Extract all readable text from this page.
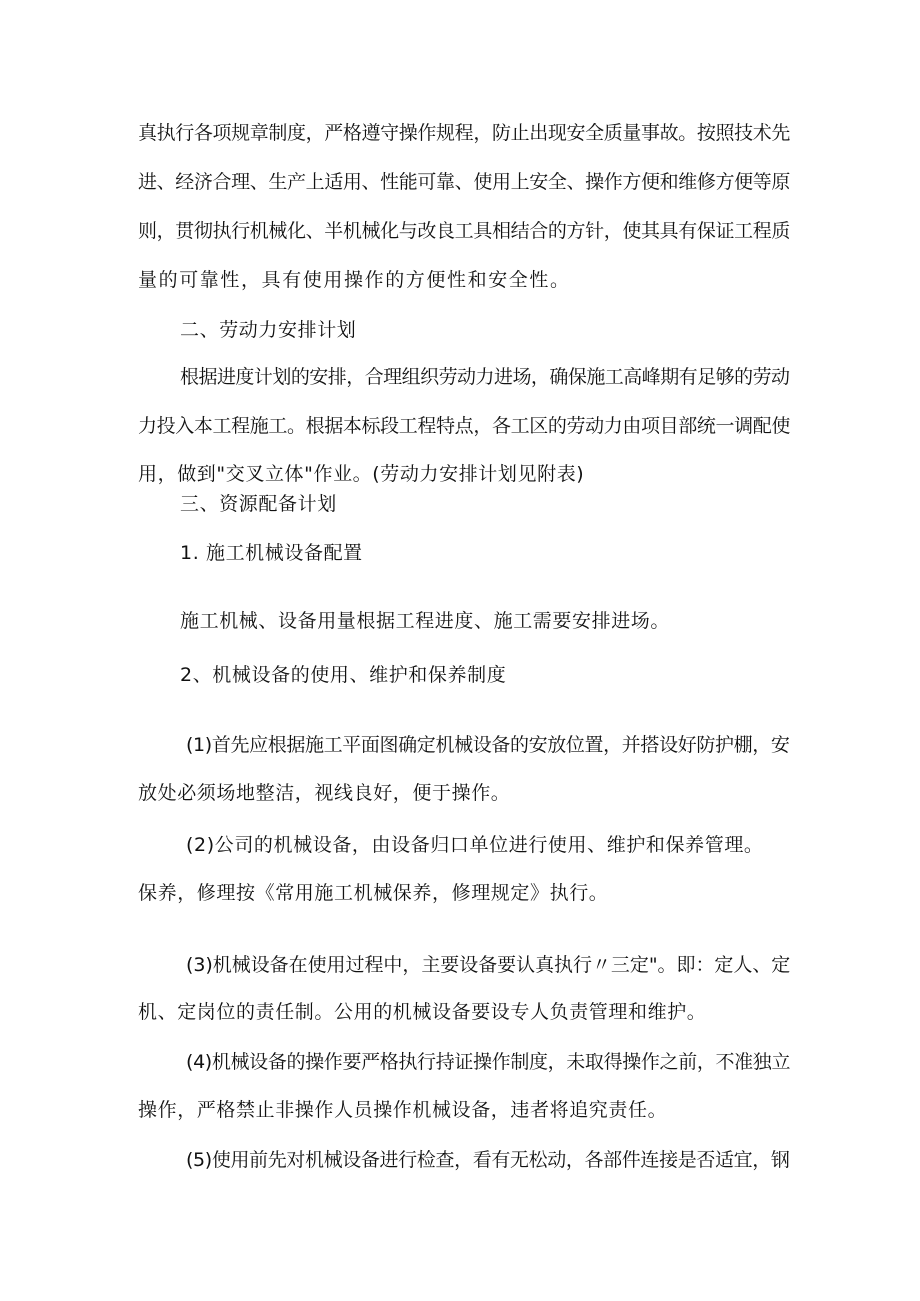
真执行各项规章制度，严格遵守操作规程，防止出现安全质量事故。按照技术先
进、经济合理、生产上适用、性能可靠、使用上安全、操作方便和维修方便等原
则，贯彻执行机械化、半机械化与改良工具相结合的方针，使其具有保证工程质
量的可靠性，具有使用操作的方便性和安全性。
二、劳动力安排计划
根据进度计划的安排，合理组织劳动力进场，确保施工高峰期有足够的劳动
力投入本工程施工。根据本标段工程特点，各工区的劳动力由项目部统一调配使
用，做到"交叉立体"作业。(劳动力安排计划见附表)
三、资源配备计划
1. 施工机械设备配置
施工机械、设备用量根据工程进度、施工需要安排进场。
2、机械设备的使用、维护和保养制度
(1)首先应根据施工平面图确定机械设备的安放位置，并搭设好防护棚，安
放处必须场地整洁，视线良好，便于操作。
(2)公司的机械设备，由设备归口单位进行使用、维护和保养管理。
保养，修理按《常用施工机械保养，修理规定》执行。
(3)机械设备在使用过程中，主要设备要认真执行〃三定"。即：定人、定
机、定岗位的责任制。公用的机械设备要设专人负责管理和维护。
(4)机械设备的操作要严格执行持证操作制度，未取得操作之前，不准独立
操作，严格禁止非操作人员操作机械设备，违者将追究责任。
(5)使用前先对机械设备进行检查，看有无松动，各部件连接是否适宜，钢
